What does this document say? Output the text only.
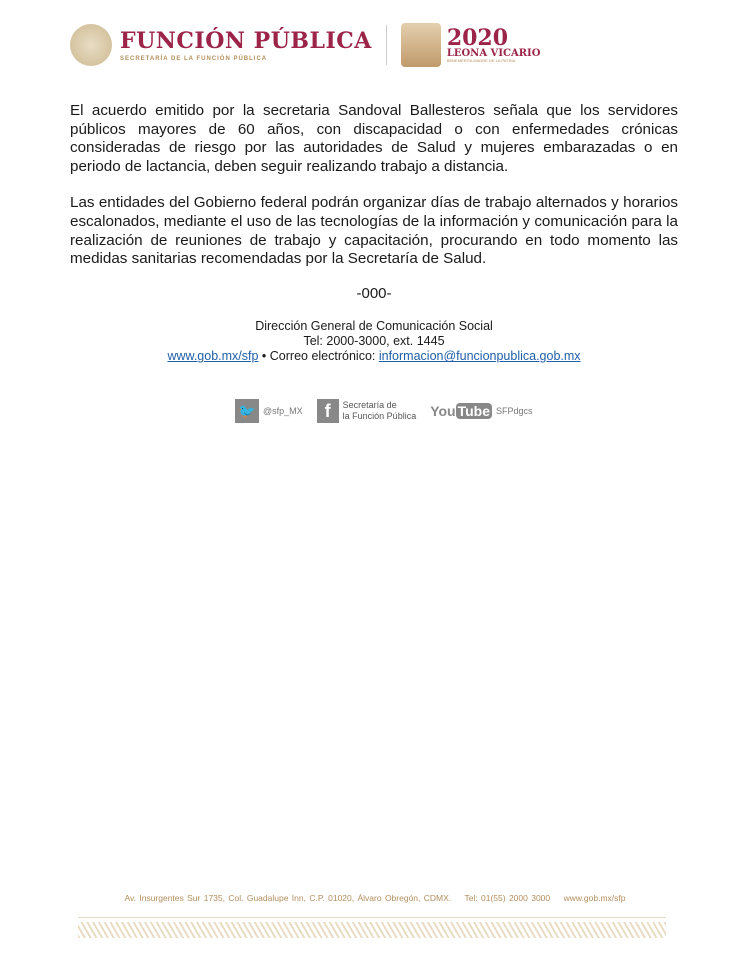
FUNCIÓN PÚBLICA
SECRETARÍA DE LA FUNCIÓN PÚBLICA
2020
LEONA VICARIO
BENEMÉRITA MADRE DE LA PATRIA

El acuerdo emitido por la secretaria Sandoval Ballesteros señala que los servidores públicos mayores de 60 años, con discapacidad o con enfermedades crónicas consideradas de riesgo por las autoridades de Salud y mujeres embarazadas o en periodo de lactancia, deben seguir realizando trabajo a distancia.

Las entidades del Gobierno federal podrán organizar días de trabajo alternados y horarios escalonados, mediante el uso de las tecnologías de la información y comunicación para la realización de reuniones de trabajo y capacitación, procurando en todo momento las medidas sanitarias recomendadas por la Secretaría de Salud.

-000-
Dirección General de Comunicación Social
Tel: 2000-3000, ext. 1445
www.gob.mx/sfp • Correo electrónico: informacion@funcionpublica.gob.mx
🐦 @sfp_MX	f	Secretaría de
la Función Pública You Tube SFPdgcs
Av. Insurgentes Sur 1735, Col. Guadalupe Inn, C.P. 01020, Álvaro Obregón, CDMX. Tel: 01(55) 2000 3000 www.gob.mx/sfp
